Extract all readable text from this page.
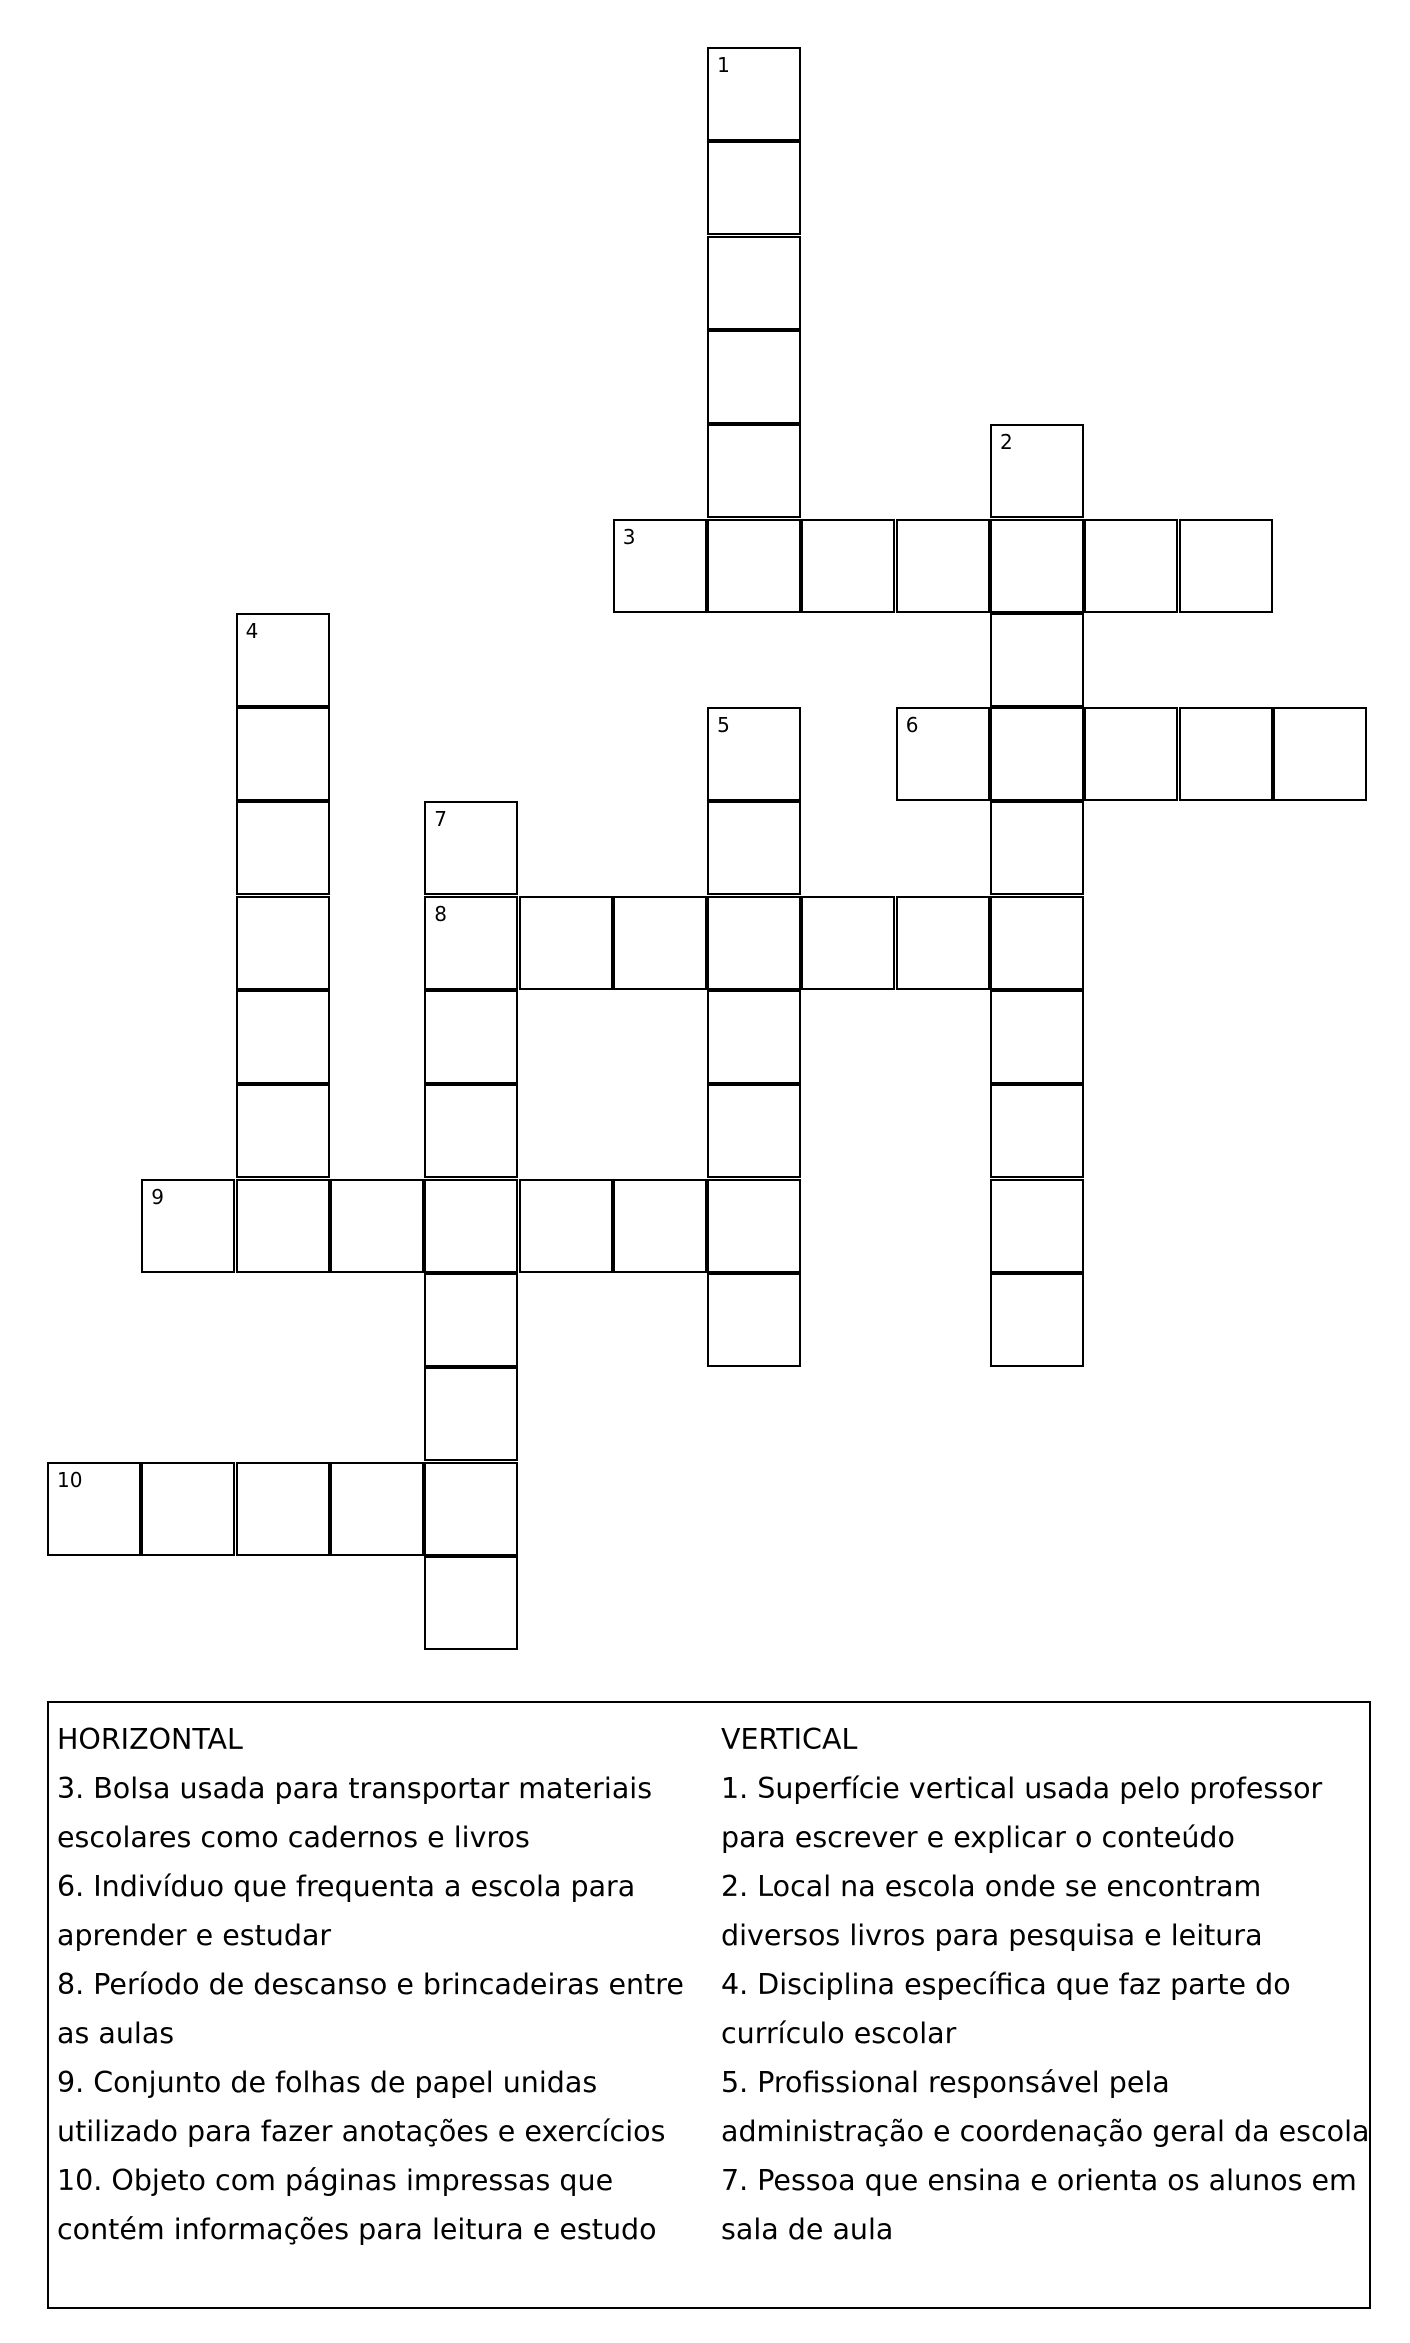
1
2
3
4
5	6
7
8
9
10
HORIZONTAL
3. Bolsa usada para transportar materiais escolares como cadernos e livros
6. Indivíduo que frequenta a escola para aprender e estudar
8. Período de descanso e brincadeiras entre as aulas
9. Conjunto de folhas de papel unidas utilizado para fazer anotações e exercícios
10. Objeto com páginas impressas que contém informações para leitura e estudo
VERTICAL
1. Superfície vertical usada pelo professor para escrever e explicar o conteúdo
2. Local na escola onde se encontram diversos livros para pesquisa e leitura
4. Disciplina específica que faz parte do currículo escolar
5. Profissional responsável pela administração e coordenação geral da escola
7. Pessoa que ensina e orienta os alunos em sala de aula
